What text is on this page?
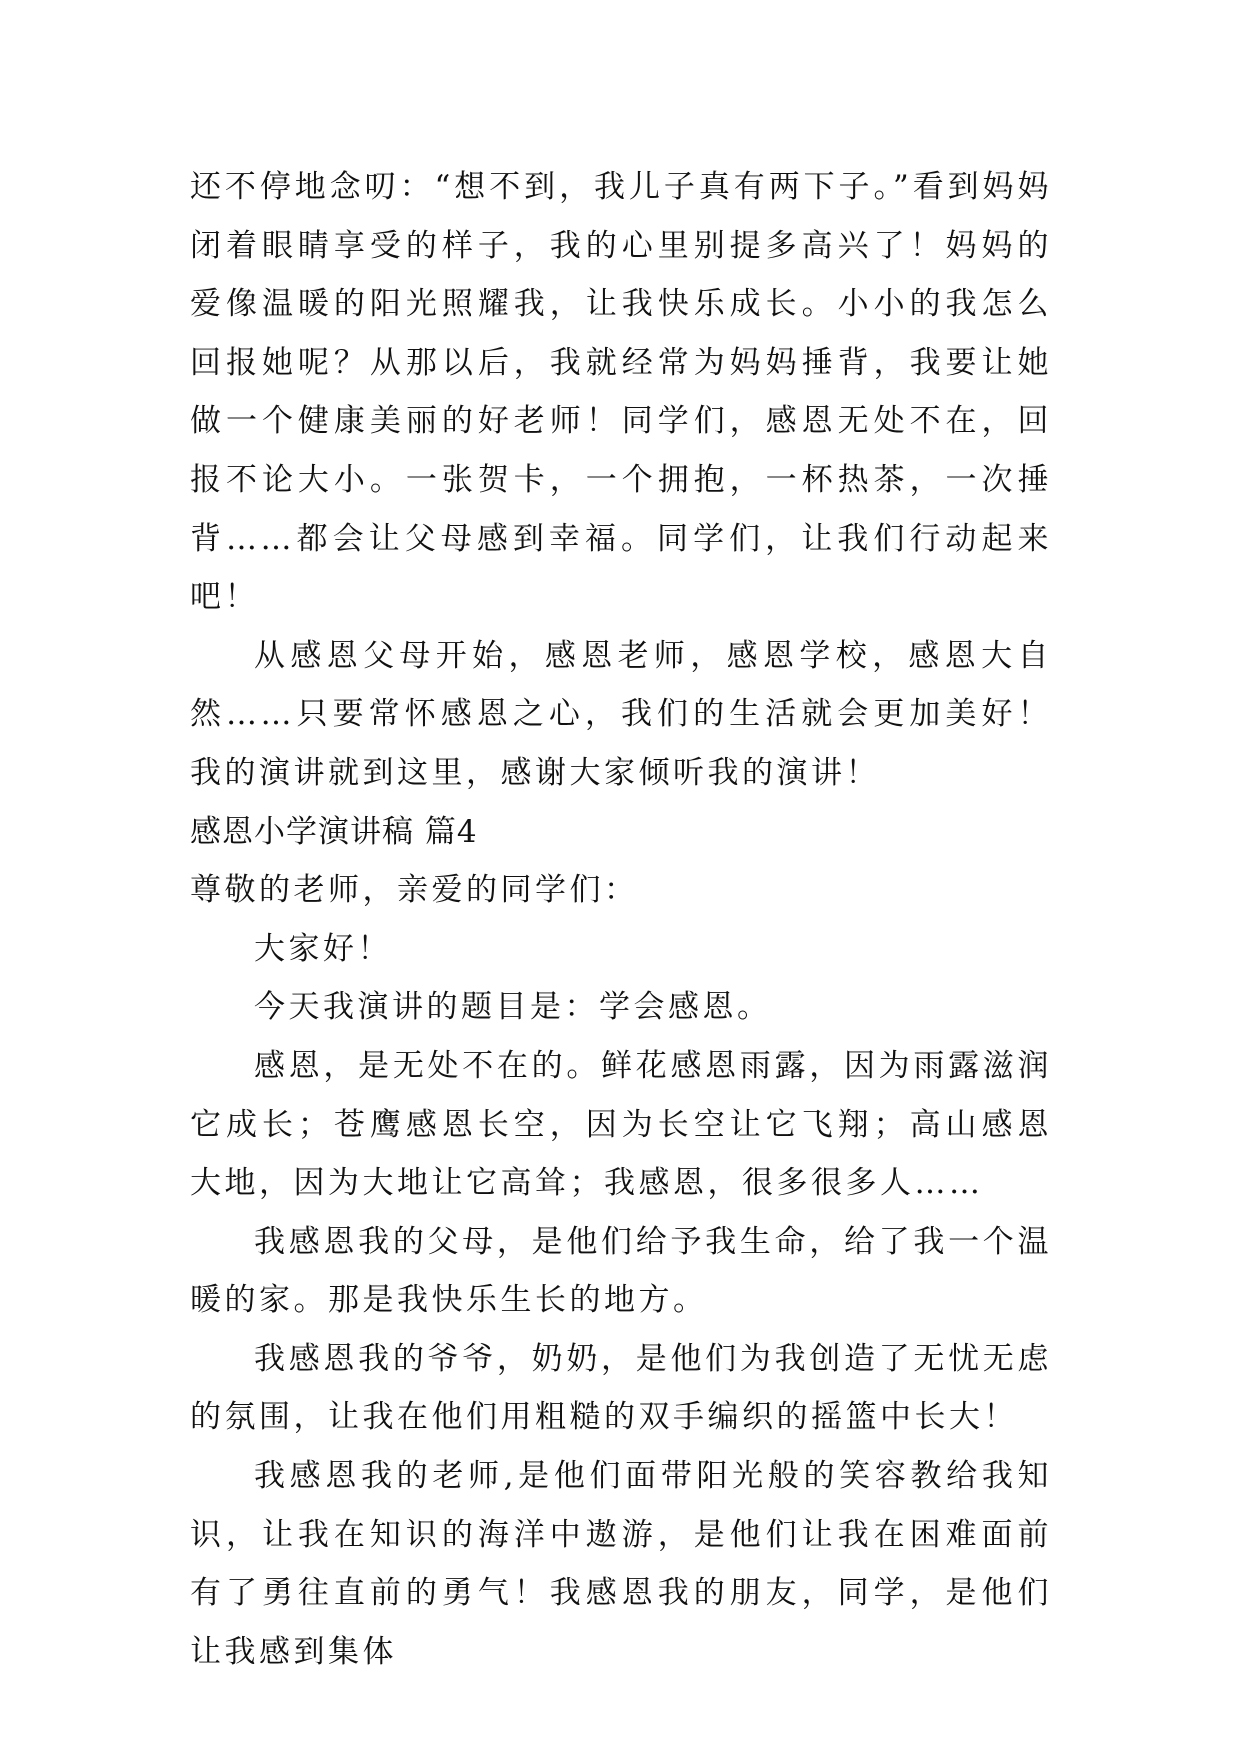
还不停地念叨：“想不到，我儿子真有两下子。”看到妈妈闭着眼睛享受的样子，我的心里别提多高兴了！妈妈的爱像温暖的阳光照耀我，让我快乐成长。小小的我怎么回报她呢？从那以后，我就经常为妈妈捶背，我要让她做一个健康美丽的好老师！同学们，感恩无处不在，回报不论大小。一张贺卡，一个拥抱，一杯热茶，一次捶背……都会让父母感到幸福。同学们，让我们行动起来吧！

从感恩父母开始，感恩老师，感恩学校，感恩大自然……只要常怀感恩之心，我们的生活就会更加美好！我的演讲就到这里，感谢大家倾听我的演讲！

感恩小学演讲稿 篇4

尊敬的老师，亲爱的同学们：

大家好！

今天我演讲的题目是：学会感恩。

感恩，是无处不在的。鲜花感恩雨露，因为雨露滋润它成长；苍鹰感恩长空，因为长空让它飞翔；高山感恩大地，因为大地让它高耸；我感恩，很多很多人……

我感恩我的父母，是他们给予我生命，给了我一个温暖的家。那是我快乐生长的地方。

我感恩我的爷爷，奶奶，是他们为我创造了无忧无虑的氛围，让我在他们用粗糙的双手编织的摇篮中长大！

我感恩我的老师,是他们面带阳光般的笑容教给我知识，让我在知识的海洋中遨游，是他们让我在困难面前有了勇往直前的勇气！我感恩我的朋友，同学，是他们让我感到集体
